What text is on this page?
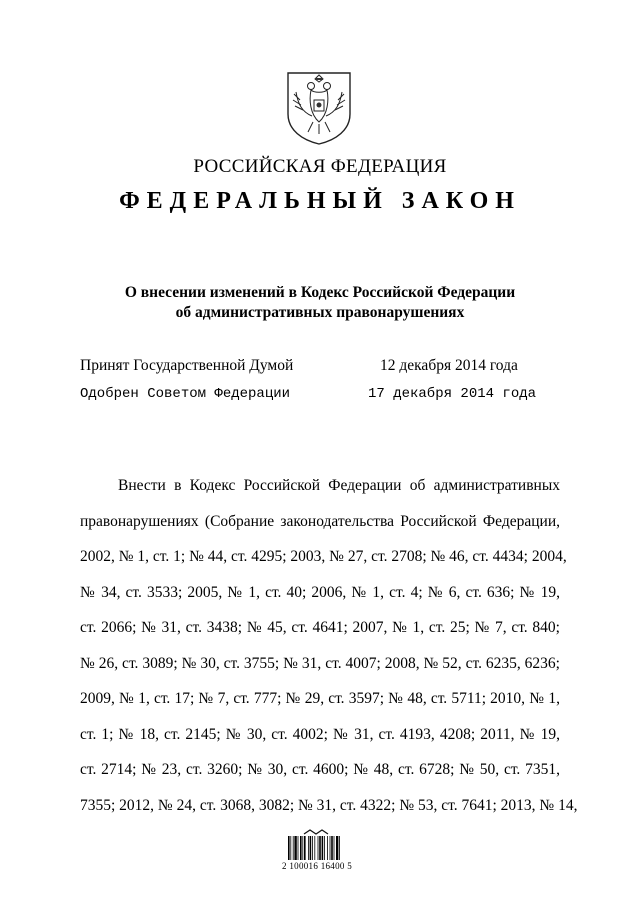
РОССИЙСКАЯ ФЕДЕРАЦИЯ
ФЕДЕРАЛЬНЫЙ ЗАКОН
О внесении изменений в Кодекс Российской Федерации
об административных правонарушениях
Принят Государственной Думой	12 декабря 2014 года
Одобрен Советом Федерации	17 декабря 2014 года
Внести в Кодекс Российской Федерации об административных
правонарушениях (Собрание законодательства Российской Федерации,
2002, № 1, ст. 1; № 44, ст. 4295; 2003, № 27, ст. 2708; № 46, ст. 4434; 2004,
№ 34, ст. 3533; 2005, № 1, ст. 40; 2006, № 1, ст. 4; № 6, ст. 636; № 19,
ст. 2066; № 31, ст. 3438; № 45, ст. 4641; 2007, № 1, ст. 25; № 7, ст. 840;
№ 26, ст. 3089; № 30, ст. 3755; № 31, ст. 4007; 2008, № 52, ст. 6235, 6236;
2009, № 1, ст. 17; № 7, ст. 777; № 29, ст. 3597; № 48, ст. 5711; 2010, № 1,
ст. 1; № 18, ст. 2145; № 30, ст. 4002; № 31, ст. 4193, 4208; 2011, № 19,
ст. 2714; № 23, ст. 3260; № 30, ст. 4600; № 48, ст. 6728; № 50, ст. 7351,
7355; 2012, № 24, ст. 3068, 3082; № 31, ст. 4322; № 53, ст. 7641; 2013, № 14,
2 100016 16400 5
